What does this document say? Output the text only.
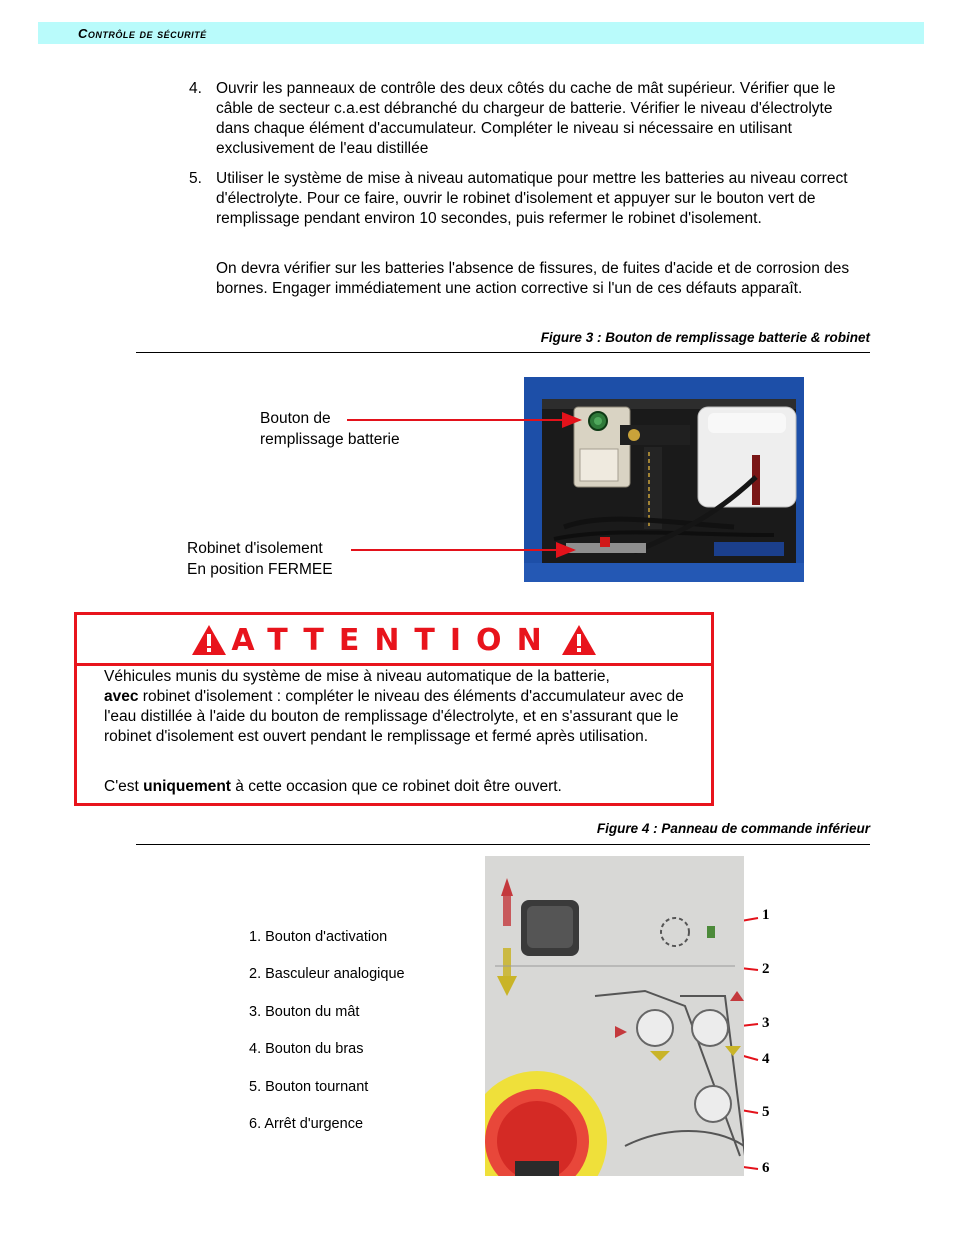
Contrôle de sécurité
4. Ouvrir les panneaux de contrôle des deux côtés du cache de mât supérieur. Vérifier que le câble de secteur c.a.est débranché du chargeur de batterie. Vérifier le niveau d'électrolyte dans chaque élément d'accumulateur. Compléter le niveau si nécessaire en utilisant exclusivement de l'eau distillée
5. Utiliser le système de mise à niveau automatique pour mettre les batteries au niveau correct d'électrolyte. Pour ce faire, ouvrir le robinet d'isolement et appuyer sur le bouton vert de remplissage pendant environ 10 secondes, puis refermer le robinet d'isolement.
On devra vérifier sur les batteries l'absence de fissures, de fuites d'acide et de corrosion des bornes. Engager immédiatement une action corrective si l'un de ces défauts apparaît.
Figure 3 : Bouton de remplissage batterie & robinet
Bouton de
remplissage batterie
Robinet d'isolement
En position FERMEE
ATTENTION
Véhicules munis du système de mise à niveau automatique de la batterie,
avec robinet d'isolement : compléter le niveau des éléments d'accumulateur avec de l'eau distillée à l'aide du bouton de remplissage d'électrolyte, et en s'assurant que le robinet d'isolement est ouvert pendant le remplissage et fermé après utilisation.
C'est uniquement à cette occasion que ce robinet doit être ouvert.
Figure 4 : Panneau de commande inférieur
1. Bouton d'activation
2. Basculeur analogique
3. Bouton du mât
4. Bouton du bras
5. Bouton tournant
6. Arrêt d'urgence
1
2
3
4
5
6
